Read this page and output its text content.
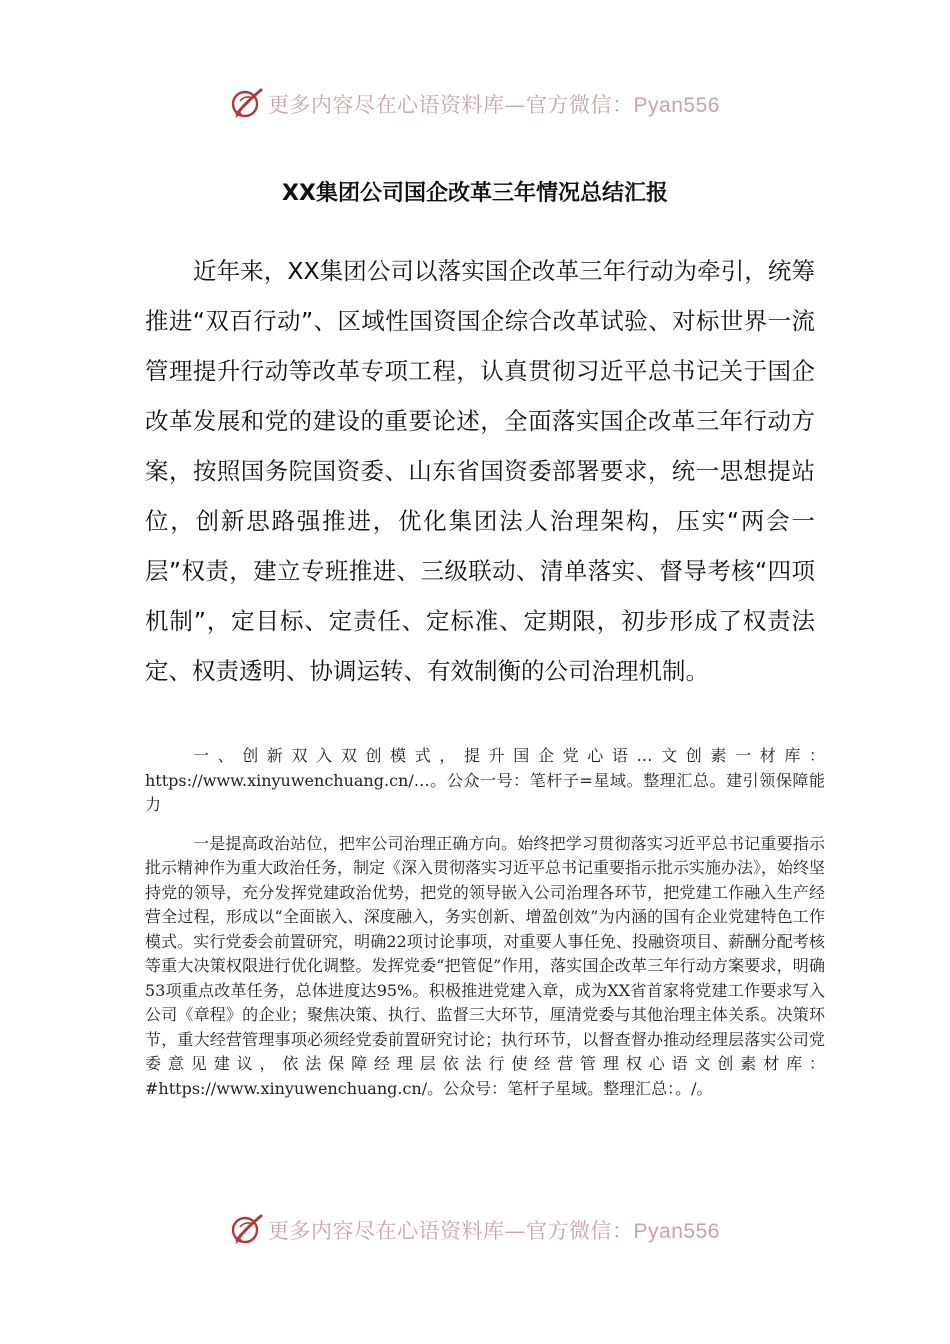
更多内容尽在心语资料库—官方微信：Pyan556
XX集团公司国企改革三年情况总结汇报

近年来，XX集团公司以落实国企改革三年行动为牵引，统筹推进“双百行动”、区域性国资国企综合改革试验、对标世界一流管理提升行动等改革专项工程，认真贯彻习近平总书记关于国企改革发展和党的建设的重要论述，全面落实国企改革三年行动方案，按照国务院国资委、山东省国资委部署要求，统一思想提站位，创新思路强推进，优化集团法人治理架构，压实“两会一层”权责，建立专班推进、三级联动、清单落实、督导考核“四项机制”，定目标、定责任、定标准、定期限，初步形成了权责法定、权责透明、协调运转、有效制衡的公司治理机制。

一、创新双入双创模式，提升国企党心语…文创素一材库：https://www.xinyuwenchuang.cn/…。公众一号：笔杆子=星域。整理汇总。建引领保障能力

一是提高政治站位，把牢公司治理正确方向。始终把学习贯彻落实习近平总书记重要指示批示精神作为重大政治任务，制定《深入贯彻落实习近平总书记重要指示批示实施办法》，始终坚持党的领导，充分发挥党建政治优势，把党的领导嵌入公司治理各环节，把党建工作融入生产经营全过程，形成以“全面嵌入、深度融入，务实创新、增盈创效”为内涵的国有企业党建特色工作模式。实行党委会前置研究，明确22项讨论事项，对重要人事任免、投融资项目、薪酬分配考核等重大决策权限进行优化调整。发挥党委“把管促”作用，落实国企改革三年行动方案要求，明确53项重点改革任务，总体进度达95%。积极推进党建入章，成为XX省首家将党建工作要求写入公司《章程》的企业；聚焦决策、执行、监督三大环节，厘清党委与其他治理主体关系。决策环节，重大经营管理事项必须经党委前置研究讨论；执行环节，以督查督办推动经理层落实公司党委意见建议，依法保障经理层依法行使经营管理权心语文创素材库：#https://www.xinyuwenchuang.cn/。公众号：笔杆子星域。整理汇总：。/。

更多内容尽在心语资料库—官方微信：Pyan556
